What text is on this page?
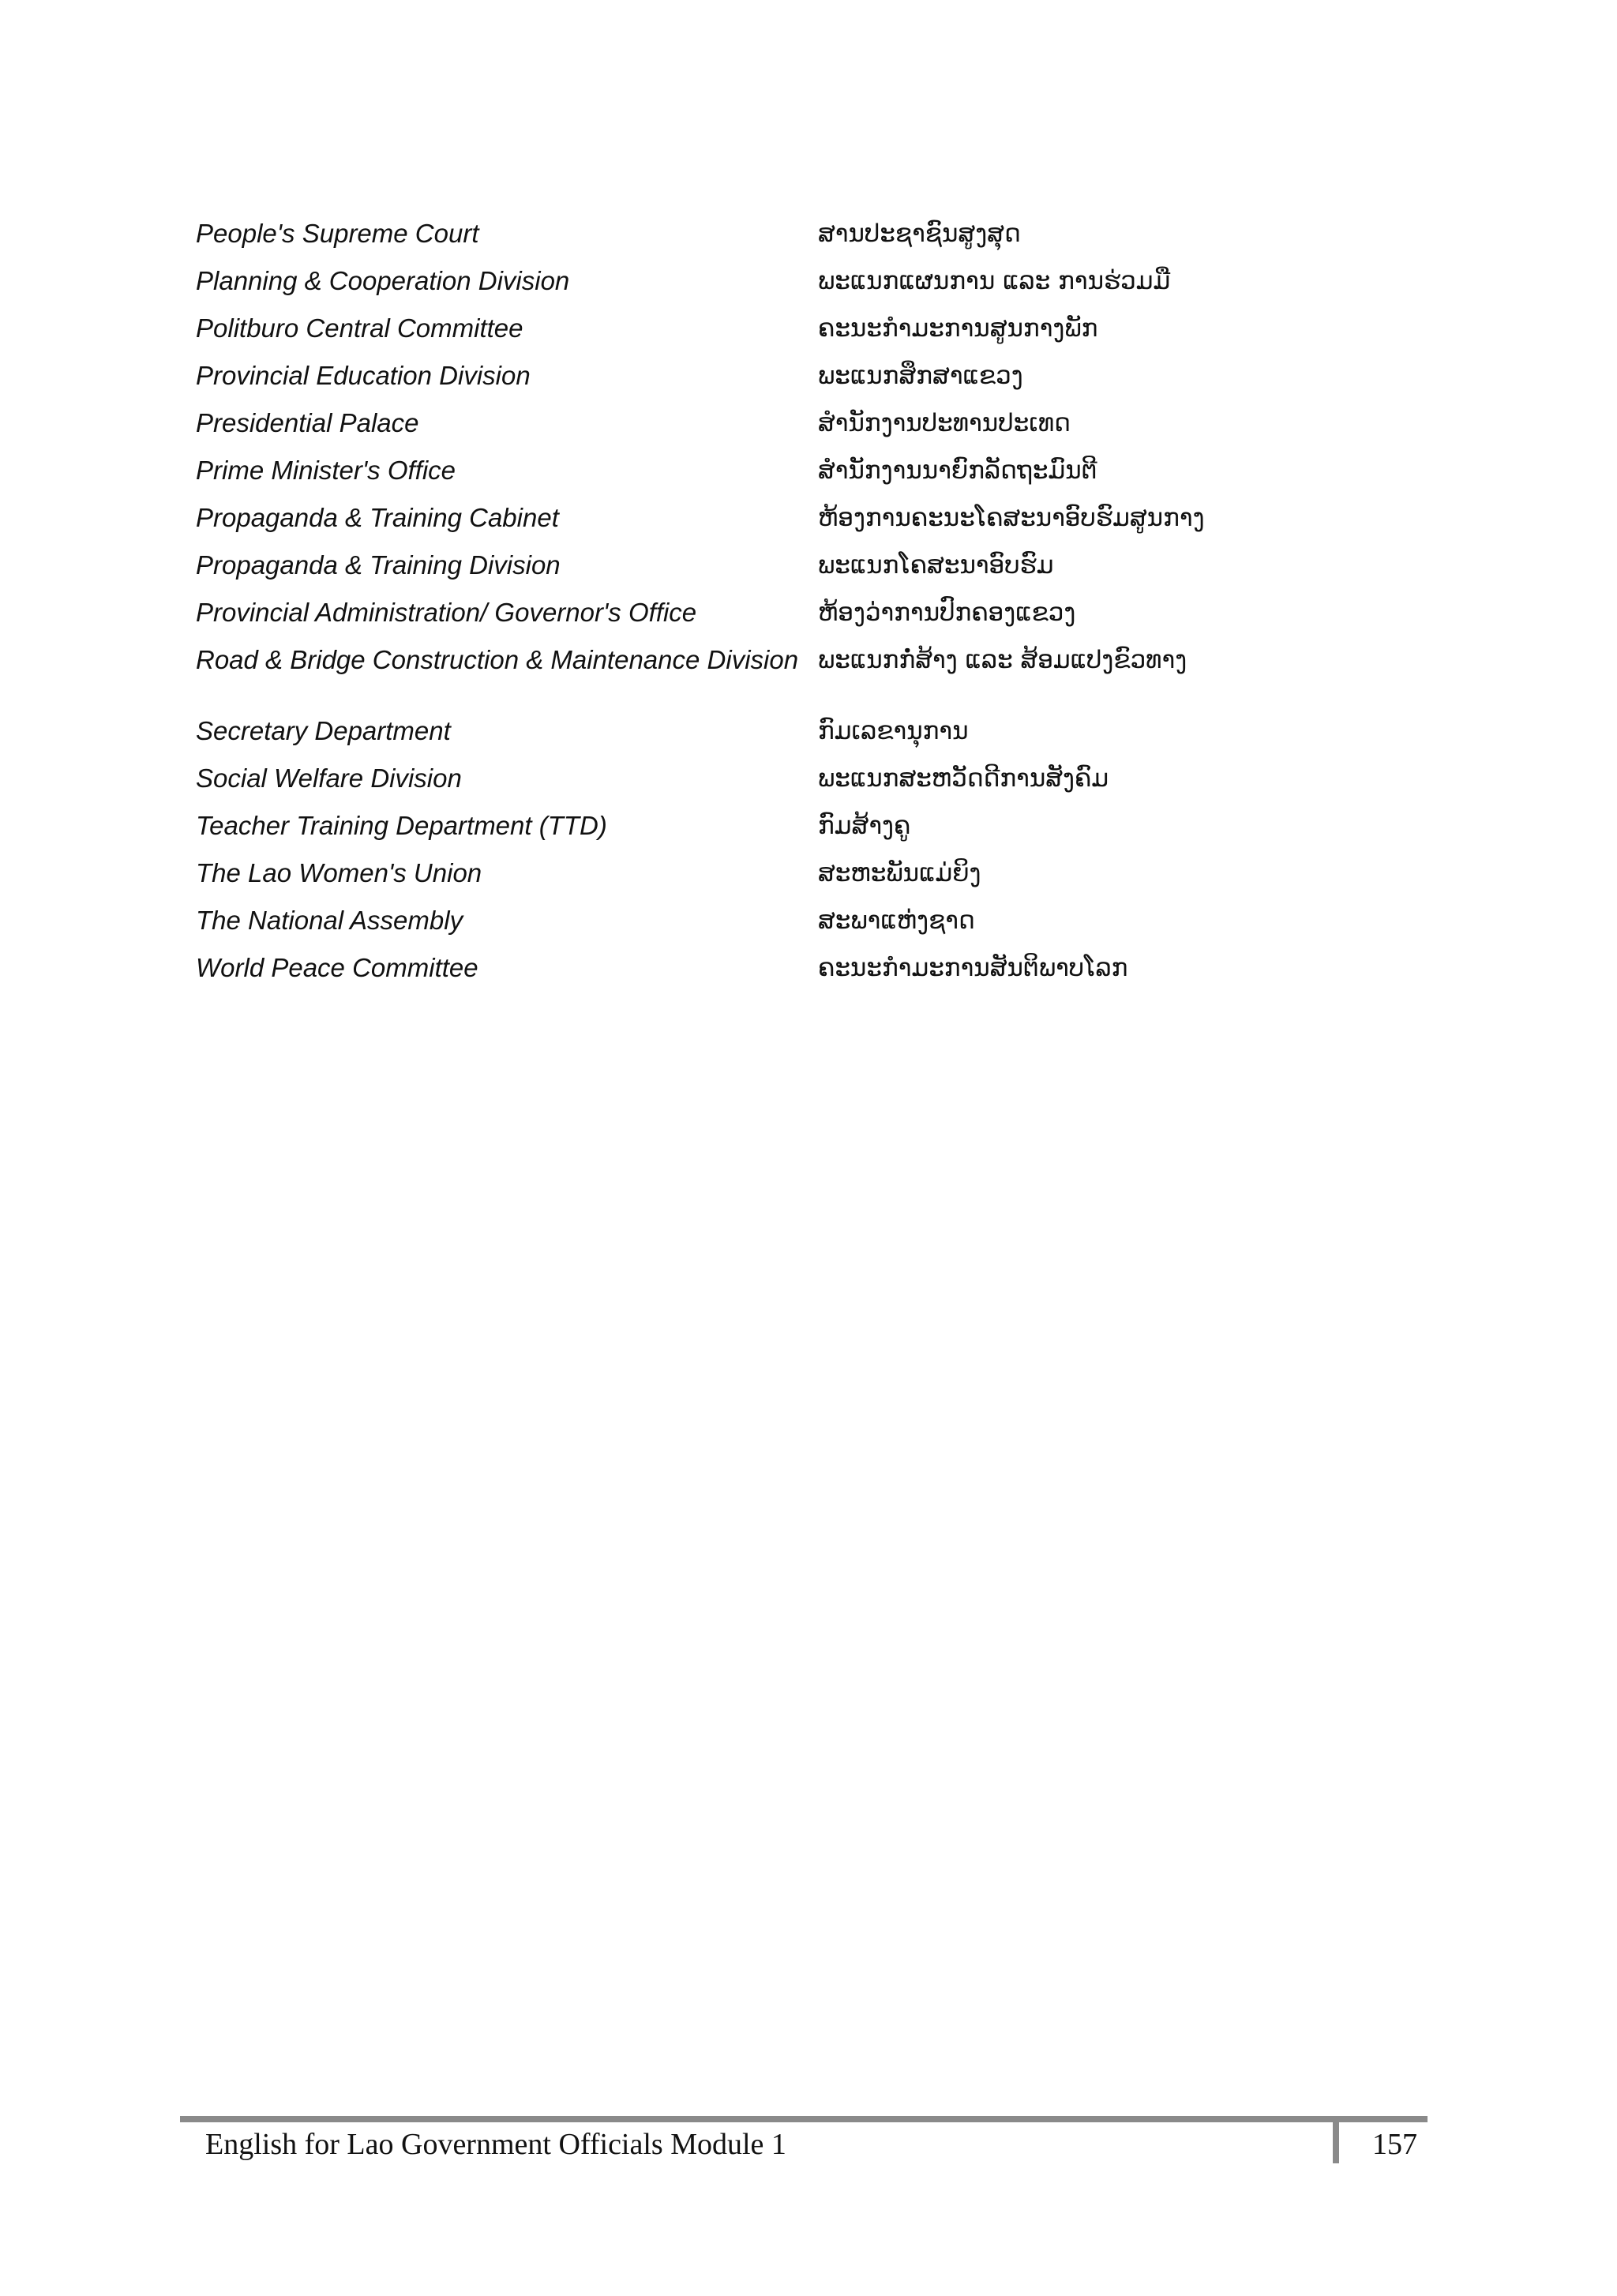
People's Supreme Court	ສານປະຊາຊົນສູງສຸດ
Planning & Cooperation Division	ພະແນກແຜນການ ແລະ ການຮ່ວມມື
Politburo Central Committee	ຄະນະກຳມະການສູນກາງພັກ
Provincial Education Division	ພະແນກສຶກສາແຂວງ
Presidential Palace	ສຳນັກງານປະທານປະເທດ
Prime Minister's Office	ສຳນັກງານນາຍົກລັດຖະມົນຕີ
Propaganda & Training Cabinet	ຫ້ອງການຄະນະໂຄສະນາອົບຮົມສູນກາງ
Propaganda & Training Division	ພະແນກໂຄສະນາອົບຮົມ
Provincial Administration/ Governor's Office	ຫ້ອງວ່າການປົກຄອງແຂວງ
Road & Bridge Construction & Maintenance Division ພະແນກກໍ່ສ້າງ ແລະ ສ້ອມແປງຂົວທາງ
Secretary Department	ກົມເລຂານຸການ
Social Welfare Division	ພະແນກສະຫວັດດີການສັງຄົມ
Teacher Training Department (TTD)	ກົມສ້າງຄູ
The Lao Women's Union	ສະຫະພັນແມ່ຍິງ
The National Assembly	ສະພາແຫ່ງຊາດ
World Peace Committee	ຄະນະກຳມະການສັນຕິພາບໂລກ
English for Lao Government Officials Module 1	157
